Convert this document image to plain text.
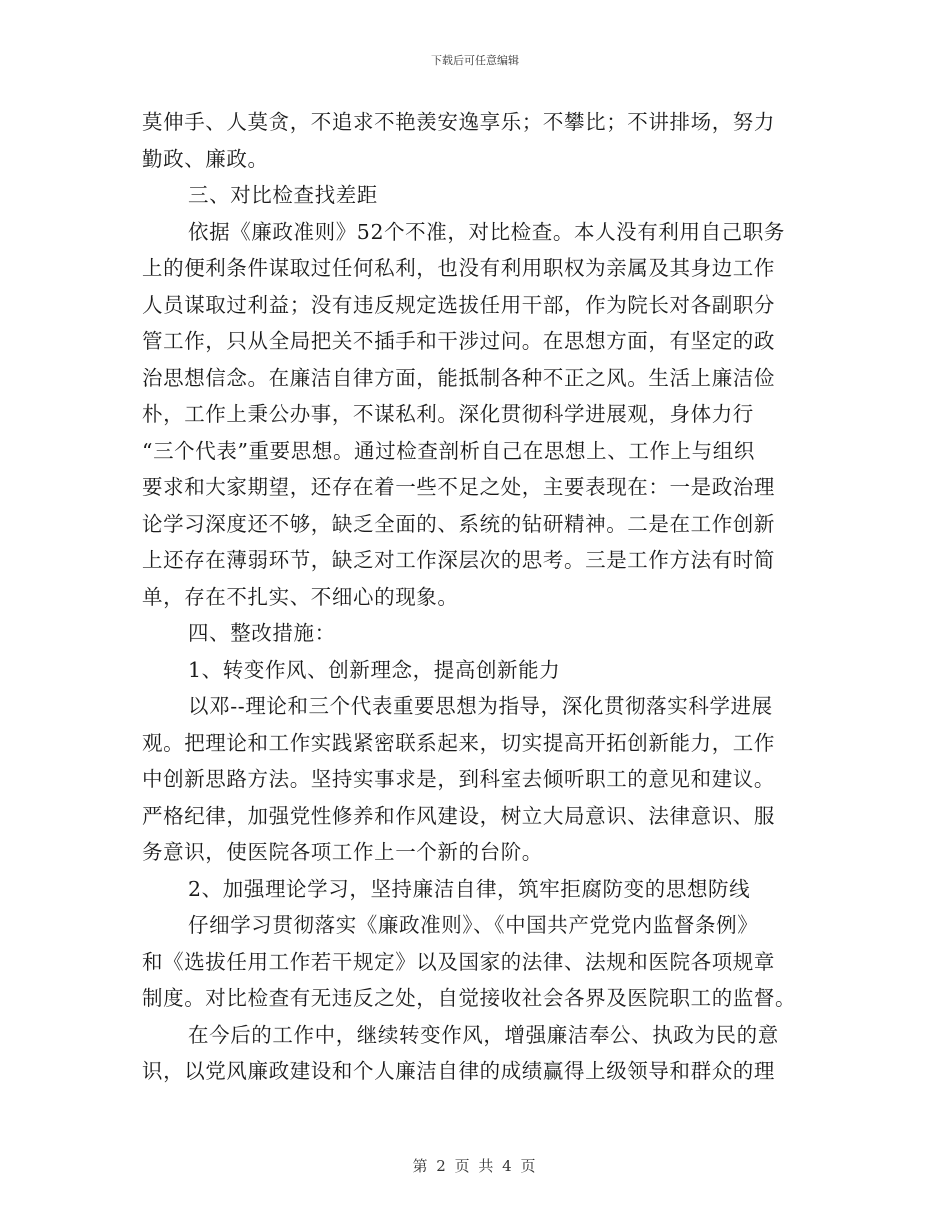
下载后可任意编辑
莫伸手、人莫贪，不追求不艳羡安逸享乐；不攀比；不讲排场，努力
勤政、廉政。
三、对比检查找差距
依据《廉政准则》52个不准，对比检查。本人没有利用自己职务
上的便利条件谋取过任何私利，也没有利用职权为亲属及其身边工作
人员谋取过利益；没有违反规定选拔任用干部，作为院长对各副职分
管工作，只从全局把关不插手和干涉过问。在思想方面，有坚定的政
治思想信念。在廉洁自律方面，能抵制各种不正之风。生活上廉洁俭
朴，工作上秉公办事，不谋私利。深化贯彻科学进展观，身体力行
“三个代表”重要思想。通过检查剖析自己在思想上、工作上与组织
要求和大家期望，还存在着一些不足之处，主要表现在：一是政治理
论学习深度还不够，缺乏全面的、系统的钻研精神。二是在工作创新
上还存在薄弱环节，缺乏对工作深层次的思考。三是工作方法有时简
单，存在不扎实、不细心的现象。
四、整改措施：
1、转变作风、创新理念，提高创新能力
以邓--理论和三个代表重要思想为指导，深化贯彻落实科学进展
观。把理论和工作实践紧密联系起来，切实提高开拓创新能力，工作
中创新思路方法。坚持实事求是，到科室去倾听职工的意见和建议。
严格纪律，加强党性修养和作风建设，树立大局意识、法律意识、服
务意识，使医院各项工作上一个新的台阶。
2、加强理论学习，坚持廉洁自律，筑牢拒腐防变的思想防线
仔细学习贯彻落实《廉政准则》、《中国共产党党内监督条例》
和《选拔任用工作若干规定》以及国家的法律、法规和医院各项规章
制度。对比检查有无违反之处，自觉接收社会各界及医院职工的监督。
在今后的工作中，继续转变作风，增强廉洁奉公、执政为民的意
识，以党风廉政建设和个人廉洁自律的成绩赢得上级领导和群众的理
第 2 页 共 4 页
